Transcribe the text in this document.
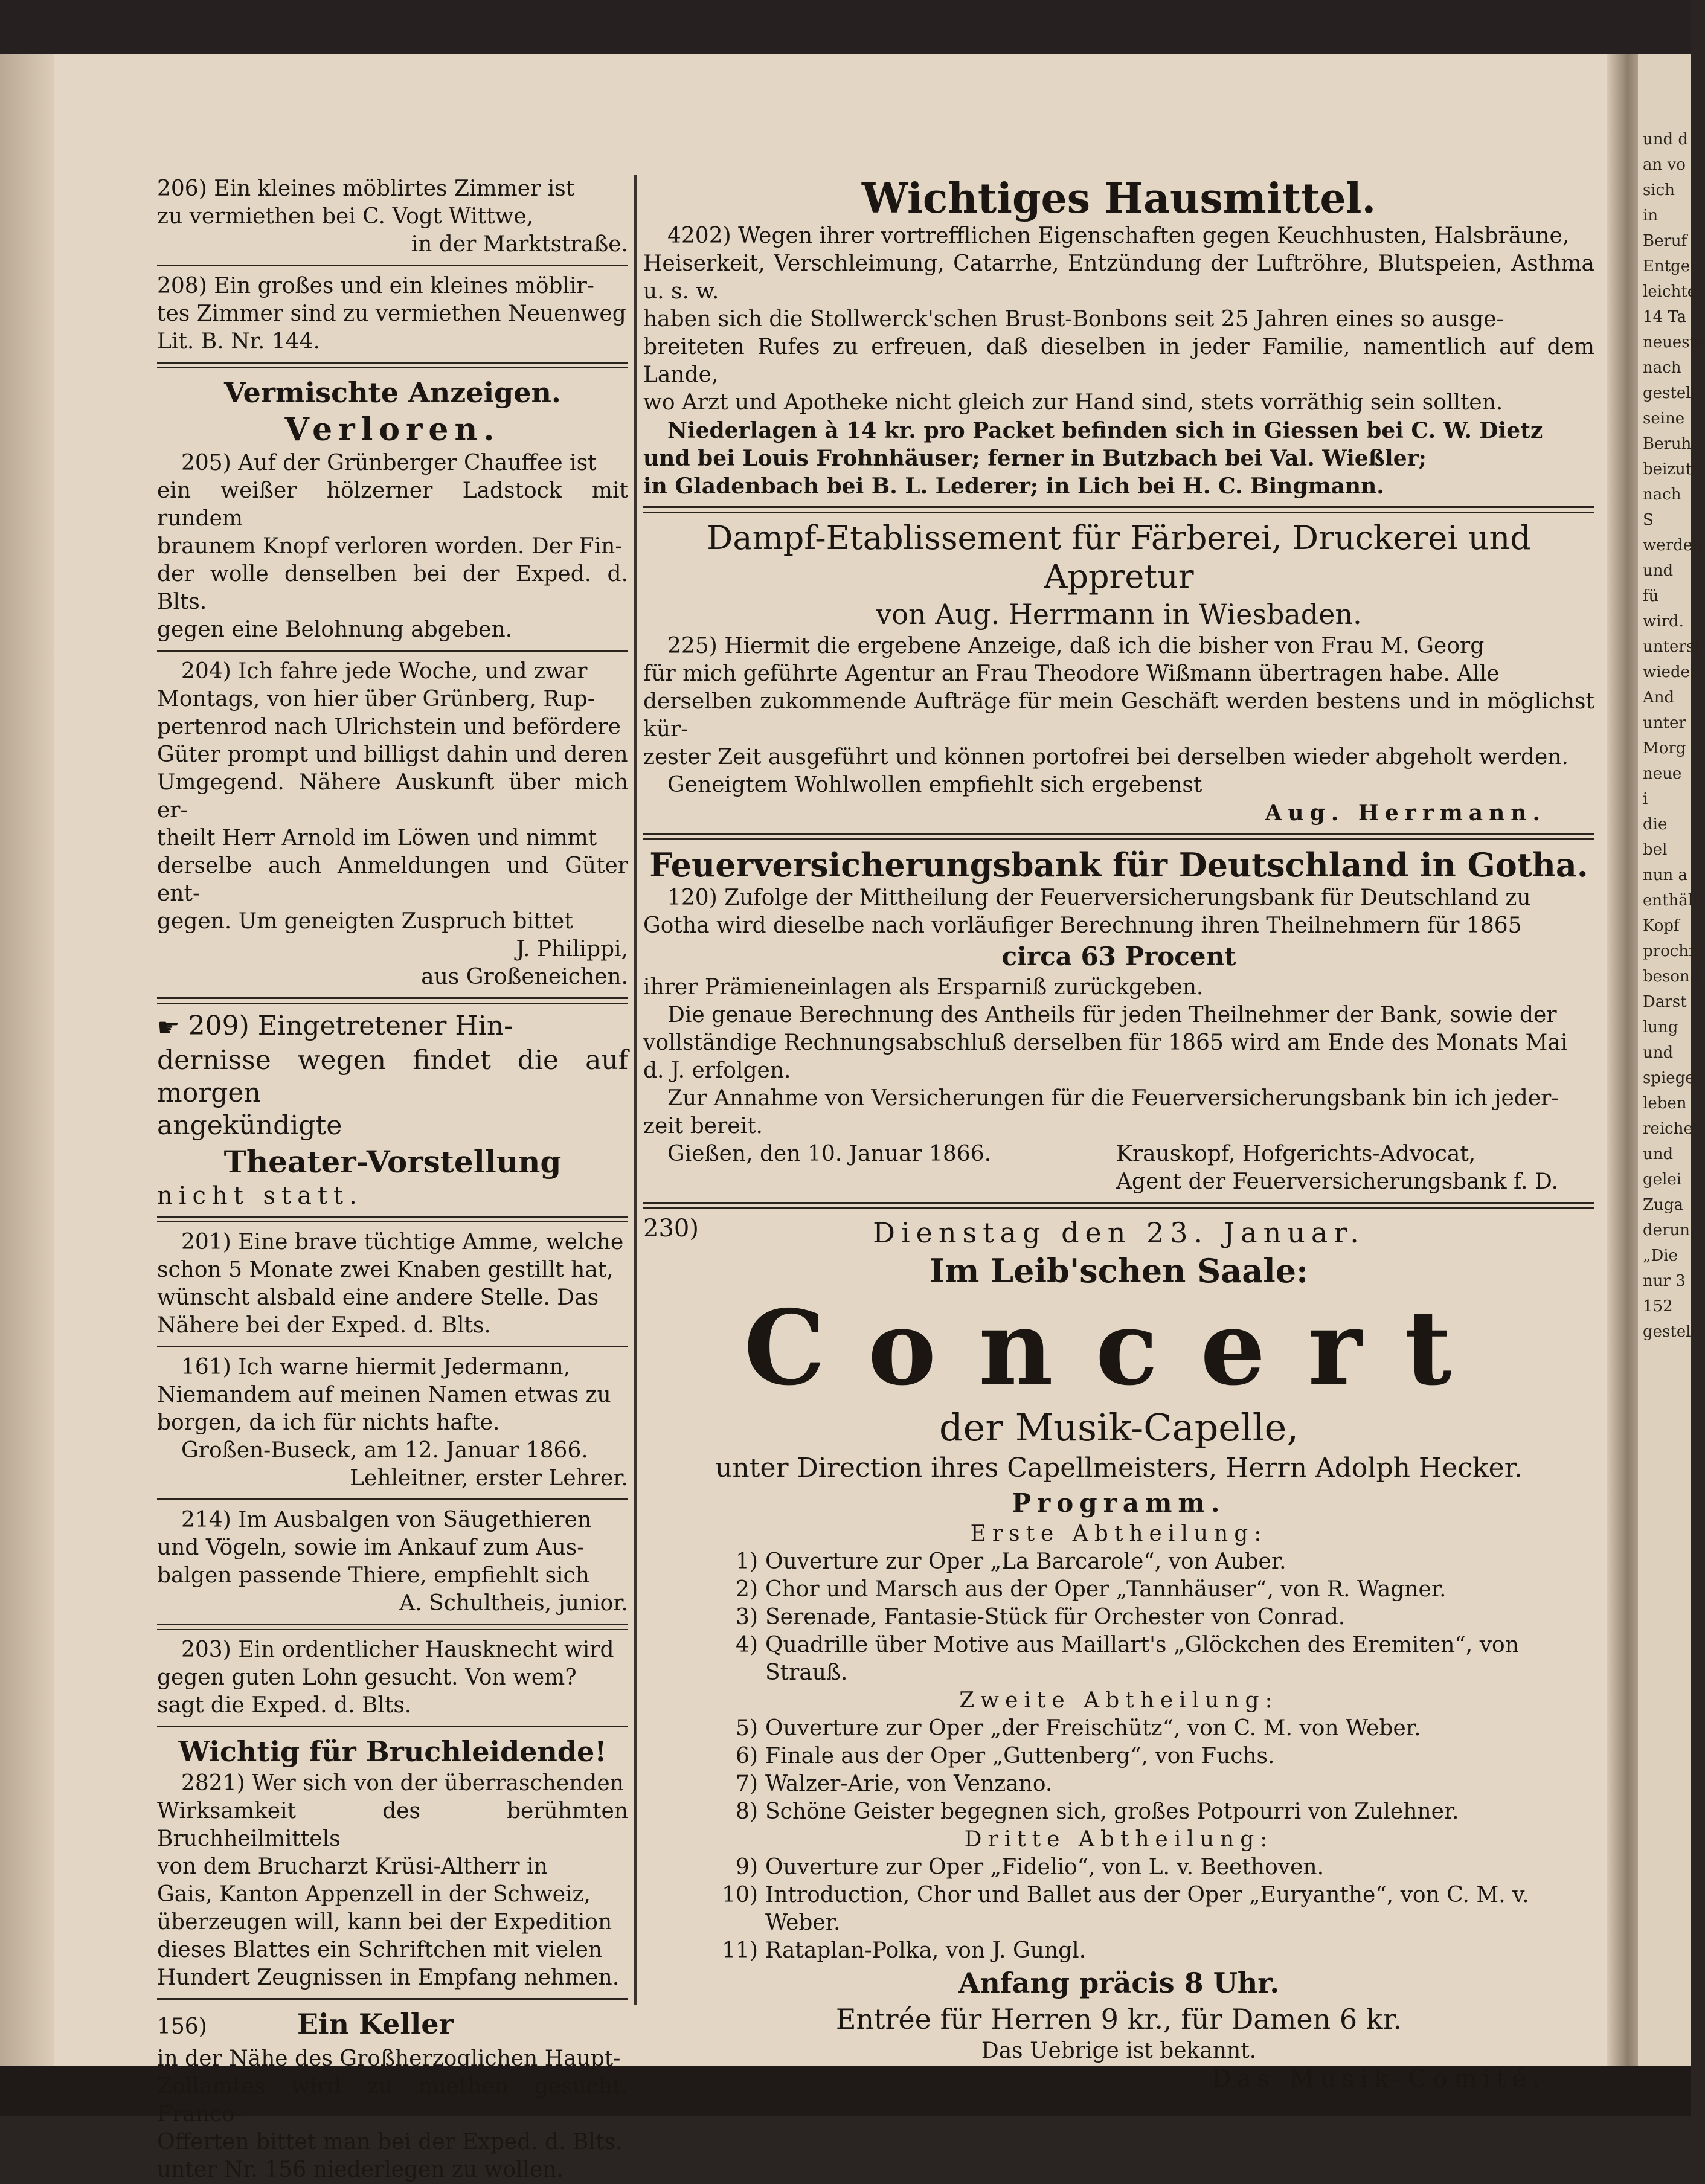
und d

an vo

sich in

Beruf

Entge

leichte

14 Ta

neueste

nach

gestell

seine

Beruh

beizutr

nach S

werden

und fü

wird.

unterst

wieder

And

unter

Morg

neue i

die bel

nun a

enthält

Kopf

prochn

besond

Darst

lung

und

spiege

leben

reiche

und

gelei

Zuga

derun

„Die

nur 3

152

gestelt

206) Ein kleines möblirtes Zimmer ist

zu vermiethen bei C. Vogt Wittwe,

in der Marktstraße.

208) Ein großes und ein kleines möblir-

tes Zimmer sind zu vermiethen Neuenweg

Lit. B. Nr. 144.

Vermischte Anzeigen.

Verloren.

205) Auf der Grünberger Chauffee ist

ein weißer hölzerner Ladstock mit rundem

braunem Knopf verloren worden. Der Fin-

der wolle denselben bei der Exped. d. Blts.

gegen eine Belohnung abgeben.

204) Ich fahre jede Woche, und zwar

Montags, von hier über Grünberg, Rup-

pertenrod nach Ulrichstein und befördere

Güter prompt und billigst dahin und deren

Umgegend. Nähere Auskunft über mich er-

theilt Herr Arnold im Löwen und nimmt

derselbe auch Anmeldungen und Güter ent-

gegen. Um geneigten Zuspruch bittet

J. Philippi,

aus Großeneichen.

☛ 209) Eingetretener Hin-

dernisse wegen findet die auf morgen

angekündigte

Theater-Vorstellung

nicht statt.

201) Eine brave tüchtige Amme, welche

schon 5 Monate zwei Knaben gestillt hat,

wünscht alsbald eine andere Stelle. Das

Nähere bei der Exped. d. Blts.

161) Ich warne hiermit Jedermann,

Niemandem auf meinen Namen etwas zu

borgen, da ich für nichts hafte.

Großen-Buseck, am 12. Januar 1866.

Lehleitner, erster Lehrer.

214) Im Ausbalgen von Säugethieren

und Vögeln, sowie im Ankauf zum Aus-

balgen passende Thiere, empfiehlt sich

A. Schultheis, junior.

203) Ein ordentlicher Hausknecht wird

gegen guten Lohn gesucht. Von wem?

sagt die Exped. d. Blts.

Wichtig für Bruchleidende!

2821) Wer sich von der überraschenden

Wirksamkeit des berühmten Bruchheilmittels

von dem Brucharzt Krüsi-Altherr in

Gais, Kanton Appenzell in der Schweiz,

überzeugen will, kann bei der Expedition

dieses Blattes ein Schriftchen mit vielen

Hundert Zeugnissen in Empfang nehmen.

156)	Ein Keller

in der Nähe des Großherzoglichen Haupt-

Zollamtes wird zu miethen gesucht. Franco-

Offerten bittet man bei der Exped. d. Blts.

unter Nr. 156 niederlegen zu wollen.

Wichtiges Hausmittel.

4202) Wegen ihrer vortrefflichen Eigenschaften gegen Keuchhusten, Halsbräune,

Heiserkeit, Verschleimung, Catarrhe, Entzündung der Luftröhre, Blutspeien, Asthma u. s. w.

haben sich die Stollwerck'schen Brust-Bonbons seit 25 Jahren eines so ausge-

breiteten Rufes zu erfreuen, daß dieselben in jeder Familie, namentlich auf dem Lande,

wo Arzt und Apotheke nicht gleich zur Hand sind, stets vorräthig sein sollten.

Niederlagen à 14 kr. pro Packet befinden sich in Giessen bei C. W. Dietz

und bei Louis Frohnhäuser; ferner in Butzbach bei Val. Wießler;

in Gladenbach bei B. L. Lederer; in Lich bei H. C. Bingmann.

Dampf-Etablissement für Färberei, Druckerei und

Appretur

von Aug. Herrmann in Wiesbaden.

225) Hiermit die ergebene Anzeige, daß ich die bisher von Frau M. Georg

für mich geführte Agentur an Frau Theodore Wißmann übertragen habe. Alle

derselben zukommende Aufträge für mein Geschäft werden bestens und in möglichst kür-

zester Zeit ausgeführt und können portofrei bei derselben wieder abgeholt werden.

Geneigtem Wohlwollen empfiehlt sich ergebenst

Aug. Herrmann.

Feuerversicherungsbank für Deutschland in Gotha.

120) Zufolge der Mittheilung der Feuerversicherungsbank für Deutschland zu

Gotha wird dieselbe nach vorläufiger Berechnung ihren Theilnehmern für 1865

circa 63 Procent

ihrer Prämieneinlagen als Ersparniß zurückgeben.

Die genaue Berechnung des Antheils für jeden Theilnehmer der Bank, sowie der

vollständige Rechnungsabschluß derselben für 1865 wird am Ende des Monats Mai

d. J. erfolgen.

Zur Annahme von Versicherungen für die Feuerversicherungsbank bin ich jeder-

zeit bereit.

Gießen, den 10. Januar 1866.	Krauskopf, Hofgerichts-Advocat,

Agent der Feuerversicherungsbank f. D.

230)	Dienstag den 23. Januar.

Im Leib'schen Saale:

Concert

der Musik-Capelle,

unter Direction ihres Capellmeisters, Herrn Adolph Hecker.

Programm.

Erste Abtheilung:

1) Ouverture zur Oper „La Barcarole“, von Auber.
2) Chor und Marsch aus der Oper „Tannhäuser“, von R. Wagner.
3) Serenade, Fantasie-Stück für Orchester von Conrad.
4) Quadrille über Motive aus Maillart's „Glöckchen des Eremiten“, von Strauß.

Zweite Abtheilung:

5) Ouverture zur Oper „der Freischütz“, von C. M. von Weber.
6) Finale aus der Oper „Guttenberg“, von Fuchs.
7) Walzer-Arie, von Venzano.
8) Schöne Geister begegnen sich, großes Potpourri von Zulehner.

Dritte Abtheilung:

9) Ouverture zur Oper „Fidelio“, von L. v. Beethoven.
10) Introduction, Chor und Ballet aus der Oper „Euryanthe“, von C. M. v. Weber.
11) Rataplan-Polka, von J. Gungl.

Anfang präcis 8 Uhr.

Entrée für Herren 9 kr., für Damen 6 kr.

Das Uebrige ist bekannt.

Das Musik-Comité.
